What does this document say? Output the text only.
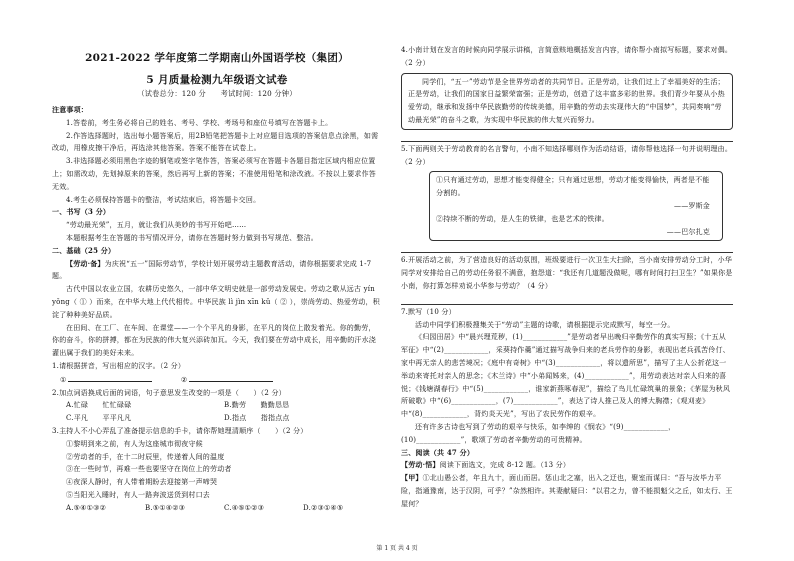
2021-2022 学年度第二学期南山外国语学校（集团）
5 月质量检测九年级语文试卷
（试卷总分：120 分　　考试时间：120 分钟）
注意事项：

1.答卷前，考生务必将自己的姓名、考号、学校、考场号和座位号填写在答题卡上。

2.作答选择题时，选出每小题答案后，用2B铅笔把答题卡上对应题目选项的答案信息点涂黑，如需改动，用橡皮擦干净后，再选涂其他答案。答案不能答在试卷上。

3.非选择题必须用黑色字迹的钢笔或签字笔作答，答案必须写在答题卡各题目指定区域内相应位置上；如需改动，先划掉原来的答案，然后再写上新的答案；不准使用铅笔和涂改液。不按以上要求作答无效。

4.考生必须保持答题卡的整洁，考试结束后，将答题卡交回。

一、书写（3 分）

“劳动最光荣”，五月，就让我们从美妙的书写开始吧……

本题根据考生在答题的书写情况评分，请你在答题时努力做到书写规范、整洁。

二、基础（25 分）

【劳动·备】为庆祝“五一”国际劳动节，学校计划开展劳动主题教育活动，请你根据要求完成 1-7 题。

古代中国以农业立国，农耕历史悠久，一部中华文明史就是一部劳动发展史。劳动之歌从远古 yín yǒng（ ① ）而来，在中华大地上代代相传。中华民族 lì jìn xīn kǔ（ ② ），崇尚劳动、热爱劳动，积淀了种种美好品质。

在田间、在工厂、在车间、在课堂——一个个平凡的身影，在平凡的岗位上散发着光。你的勤劳，你的奋斗，你的拼搏，都在为民族的伟大复兴添砖加瓦。今天，我们要在劳动中成长，用辛勤的汗水浇灌出属于我们的美好未来。

1.请根据拼音，写出相应的汉字。（2 分）

①	②

2.加点词语换成后面的词语，句子意思发生改变的一项是（　　）（2 分）

A.忙碌　　忙忙碌碌	B.勤劳　　勤勤恳恳
C.平凡　　平平凡凡	D.指点　　指指点点

3.主持人不小心弄乱了准备提示信息的手卡，请你帮她理清顺序（　　）（2 分）

①黎明到来之前，有人为这座城市彻夜守候
②劳动者的手，在十二时辰里，传递着人间的温度
③在一些时节，再难一些也要坚守在岗位上的劳动者
④夜深人静时，有人带着期盼去迎接第一声啼哭
⑤当阳光入睡时，有人一路奔波送货到村口去
A.⑤④①③②	B.⑤①④②③	C.④⑤①②③	D.②③①④⑤

4.小南计划在发言的时候向同学展示讲稿，言简意赅地概括发言内容，请你帮小南拟写标题，要求对偶。（2 分）

同学们，“五一”劳动节是全世界劳动者的共同节日。正是劳动，让我们过上了幸福美好的生活；正是劳动，让我们的国家日益繁荣富强；正是劳动，创造了这丰富多彩的世界。我们青少年要从小热爱劳动，继承和发扬中华民族勤劳的传统美德，用辛勤的劳动去实现伟大的“中国梦”，共同奏响“劳动最光荣”的奋斗之歌，为实现中华民族的伟大复兴而努力。

5.下面两则关于劳动教育的名言警句，小南不知选择哪则作为活动结语，请你帮他选择一句并说明理由。（2 分）

①只有通过劳动，思想才能变得健全；只有通过思想，劳动才能变得愉快，两者是不能分割的。

——罗斯金

②持续不断的劳动，是人生的铁律，也是艺术的铁律。

——巴尔扎克

6.开展活动之前，为了营造良好的活动氛围，班级要进行一次卫生大扫除，当小南安排劳动分工时，小华同学对安排给自己的劳动任务很不满意，抱怨道：“我还有几道题没做呢，哪有时间打扫卫生？”如果你是小南，你打算怎样劝说小华参与劳动？（4 分）

7.默写（10 分）

活动中同学们积极搜集关于“劳动”主题的诗歌，请根据提示完成默写，每空一分。

《归园田居》中“晨兴理荒秽，(1)____________”是劳动者早出晚归辛勤劳作的真实写照；《十五从军征》中“(2)____________，采葵持作羹”通过描写战争归来的老兵劳作的身影，表现出老兵孤苦伶仃、家中再无亲人的悲苦境况；《庭中有奇树》中“(3)____________，将以遗所思”，描写了主人公折花这一举动来寄托对亲人的思念；《木兰诗》中“小弟闻姊来，(4)____________”，用劳动表达对亲人归来的喜悦；《钱塘湖春行》中“(5)____________，谁家新燕啄春泥”，描绘了鸟儿忙碌筑巢的景象；《茅屋为秋风所破歌》中“(6)____________，(7)____________”，表达了诗人推己及人的博大胸襟；《观刈麦》中“(8)____________，背灼炎天光”，写出了农民劳作的艰辛。

还有许多古诗也写到了劳动的艰辛与快乐，如李绅的《悯农》“(9)____________，(10)____________”，歌颂了劳动者辛勤劳动的可贵精神。

三、阅读（共 47 分）

【劳动·悟】阅读下面选文，完成 8-12 题。（13 分）

【甲】①北山愚公者，年且九十，面山而居。惩山北之塞，出入之迂也，聚室而谋曰：“吾与汝毕力平险，指通豫南，达于汉阴，可乎？”杂然相许。其妻献疑曰：“以君之力，曾不能损魁父之丘，如太行、王屋何？

第 1 页 共 4 页
